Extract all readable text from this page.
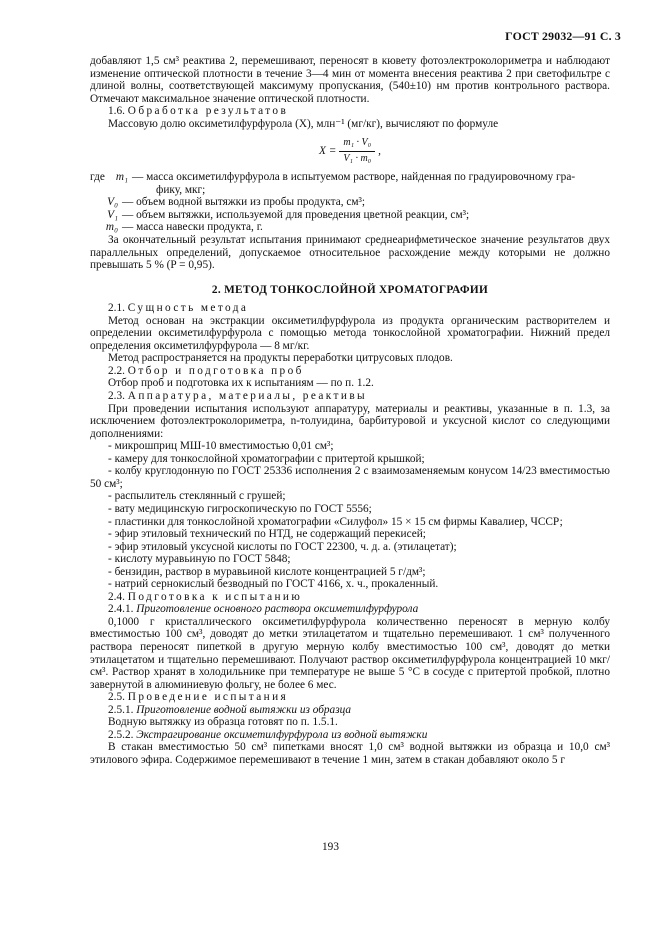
ГОСТ 29032—91 С. 3

добавляют 1,5 см³ реактива 2, перемешивают, переносят в кювету фотоэлектроколориметра и наблюдают изменение оптической плотности в течение 3—4 мин от момента внесения реактива 2 при светофильтре с длиной волны, соответствующей максимуму пропускания, (540±10) нм против контрольного раствора. Отмечают максимальное значение оптической плотности.

1.6. Обработка результатов

Массовую долю оксиметилфурфурола (X), млн⁻¹ (мг/кг), вычисляют по формуле

$X = \frac{\text{m₁ · V₀}}{\text{V₁ · m₀}}$ ,
где m₁ — масса оксиметилфурфурола в испытуемом растворе, найденная по градуировочному гра-
фику, мкг;
V₀ — объем водной вытяжки из пробы продукта, см³;
V₁ — объем вытяжки, используемой для проведения цветной реакции, см³;
m₀ — масса навески продукта, г.

За окончательный результат испытания принимают среднеарифметическое значение результатов двух параллельных определений, допускаемое относительное расхождение между которыми не должно превышать 5 % (P = 0,95).

2. МЕТОД ТОНКОСЛОЙНОЙ ХРОМАТОГРАФИИ

2.1. Сущность метода

Метод основан на экстракции оксиметилфурфурола из продукта органическим растворителем и определении оксиметилфурфурола с помощью метода тонкослойной хроматографии. Нижний предел определения оксиметилфурфурола — 8 мг/кг.

Метод распространяется на продукты переработки цитрусовых плодов.

2.2. Отбор и подготовка проб

Отбор проб и подготовка их к испытаниям — по п. 1.2.

2.3. Аппаратура, материалы, реактивы

При проведении испытания используют аппаратуру, материалы и реактивы, указанные в п. 1.3, за исключением фотоэлектроколориметра, n-толуидина, барбитуровой и уксусной кислот со следующими дополнениями:

- микрошприц МШ-10 вместимостью 0,01 см³;

- камеру для тонкослойной хроматографии с притертой крышкой;

- колбу круглодонную по ГОСТ 25336 исполнения 2 с взаимозаменяемым конусом 14/23 вместимостью 50 см³;

- распылитель стеклянный с грушей;

- вату медицинскую гигроскопическую по ГОСТ 5556;

- пластинки для тонкослойной хроматографии «Силуфол» 15 × 15 см фирмы Кавалиер, ЧССР;

- эфир этиловый технический по НТД, не содержащий перекисей;

- эфир этиловый уксусной кислоты по ГОСТ 22300, ч. д. а. (этилацетат);

- кислоту муравьиную по ГОСТ 5848;

- бензидин, раствор в муравьиной кислоте концентрацией 5 г/дм³;

- натрий сернокислый безводный по ГОСТ 4166, х. ч., прокаленный.

2.4. Подготовка к испытанию

2.4.1. Приготовление основного раствора оксиметилфурфурола

0,1000 г кристаллического оксиметилфурфурола количественно переносят в мерную колбу вместимостью 100 см³, доводят до метки этилацетатом и тщательно перемешивают. 1 см³ полученного раствора переносят пипеткой в другую мерную колбу вместимостью 100 см³, доводят до метки этилацетатом и тщательно перемешивают. Получают раствор оксиметилфурфурола концентрацией 10 мкг/см³. Раствор хранят в холодильнике при температуре не выше 5 °С в сосуде с притертой пробкой, плотно завернутой в алюминиевую фольгу, не более 6 мес.

2.5. Проведение испытания

2.5.1. Приготовление водной вытяжки из образца

Водную вытяжку из образца готовят по п. 1.5.1.

2.5.2. Экстрагирование оксиметилфурфурола из водной вытяжки

В стакан вместимостью 50 см³ пипетками вносят 1,0 см³ водной вытяжки из образца и 10,0 см³ этилового эфира. Содержимое перемешивают в течение 1 мин, затем в стакан добавляют около 5 г

193
